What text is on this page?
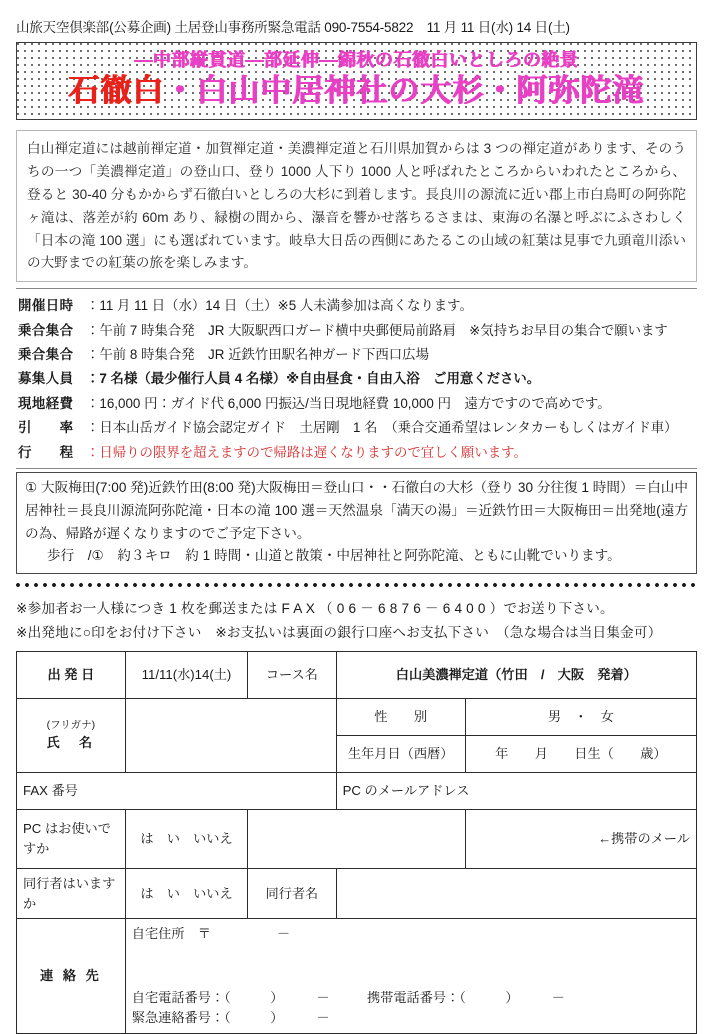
山旅天空倶楽部(公募企画) 土居登山事務所緊急電話 090-7554-5822　11 月 11 日(水) 14 日(土)
―中部縦貫道―部延伸―錦秋の石徹白いとしろの絶景
石徹白・白山中居神社の大杉・阿弥陀滝
白山禅定道には越前禅定道・加賀禅定道・美濃禅定道と石川県加賀からは 3 つの禅定道があります、そのうちの一つ「美濃禅定道」の登山口、登り 1000 人下り 1000 人と呼ばれたところからいわれたところから、登ると 30-40 分もかからず石徹白いとしろの大杉に到着します。長良川の源流に近い郡上市白鳥町の阿弥陀ヶ滝は、落差が約 60m あり、緑樹の間から、瀑音を響かせ落ちるさまは、東海の名瀑と呼ぶにふさわしく「日本の滝 100 選」にも選ばれています。岐阜大日岳の西側にあたるこの山域の紅葉は見事で九頭竜川添いの大野までの紅葉の旅を楽しみます。
開催日時 ：11 月 11 日（水）14 日（土）※5 人未満参加は高くなります。
乗合集合 ：午前 7 時集合発　JR 大阪駅西口ガード横中央郵便局前路肩　※気持ちお早目の集合で願います
乗合集合 ：午前 8 時集合発　JR 近鉄竹田駅名神ガード下西口広場
募集人員 ：7 名様（最少催行人員 4 名様）※自由昼食・自由入浴　ご用意ください。
現地経費 ：16,000 円：ガイド代 6,000 円振込/当日現地経費 10,000 円　遠方ですので高めです。
引　　率 ：日本山岳ガイド協会認定ガイド　土居剛　1 名　（乗合交通希望はレンタカーもしくはガイド車）
行　　程 ：日帰りの限界を超えますので帰路は遅くなりますので宜しく願います。
① 大阪梅田(7:00 発)近鉄竹田(8:00 発)大阪梅田＝登山口・・石徹白の大杉（登り 30 分往復 1 時間）＝白山中居神社＝長良川源流阿弥陀滝・日本の滝 100 選＝天然温泉「満天の湯」＝近鉄竹田＝大阪梅田＝出発地(遠方の為、帰路が遅くなりますのでご予定下さい。
歩行　/①　約３キロ　約 1 時間・山道と散策・中居神社と阿弥陀滝、ともに山靴でいります。
※参加者お一人様につき 1 枚を郵送または F A X （ 0 6 － 6 8 7 6 － 6 4 0 0 ）でお送り下さい。
※出発地に○印をお付け下さい　※お支払いは裏面の銀行口座へお支払下さい　（急な場合は当日集金可）
出 発 日	11/11(水)14(土)	コース名	白山美濃禅定道（竹田　/　大阪　発着）	

(フリガナ)
氏　名			性　　別	男　・　女
			生年月日（西暦）	年　　月　　日生（　　歳）
FAX 番号			PC のメールアドレス	
PC はお使いですか	は　い　いいえ			←携帯のメール
同行者はいますか	は　い　いいえ	同行者名		
連 絡 先	自宅住所　〒　　　　　－
自宅電話番号：（　　　）　　　－ 携帯電話番号：（　　　）　　　－
緊急連絡番号：（　　　）　　　－			
